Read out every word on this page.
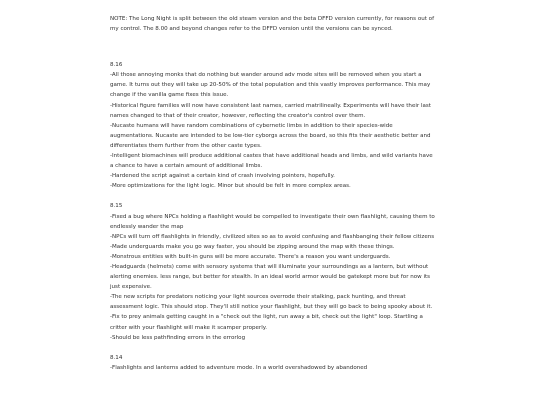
NOTE: The Long Night is split between the old steam version and the beta DFFD version currently, for reasons out of my control. The 8.00 and beyond changes refer to the DFFD version until the versions can be synced.

8.16

-All those annoying monks that do nothing but wander around adv mode sites will be removed when you start a game. It turns out they will take up 20-50% of the total population and this vastly improves performance. This may change if the vanilla game fixes this issue.

-Historical figure families will now have consistent last names, carried matrilineally. Experiments will have their last names changed to that of their creator, however, reflecting the creator's control over them.

-Nucaste humans will have random combinations of cybernetic limbs in addition to their species-wide augmentations. Nucaste are intended to be low-tier cyborgs across the board, so this fits their aesthetic better and differentiates them further from the other caste types.

-Intelligent biomachines will produce additional castes that have additional heads and limbs, and wild variants have a chance to have a certain amount of additional limbs.

-Hardened the script against a certain kind of crash involving pointers, hopefully.

-More optimizations for the light logic. Minor but should be felt in more complex areas.

8.15

-Fixed a bug where NPCs holding a flashlight would be compelled to investigate their own flashlight, causing them to endlessly wander the map

-NPCs will turn off flashlights in friendly, civilized sites so as to avoid confusing and flashbanging their fellow citizens

-Made underguards make you go way faster, you should be zipping around the map with these things.

-Monstrous entities with built-in guns will be more accurate. There's a reason you want underguards.

-Headguards (helmets) come with sensory systems that will illuminate your surroundings as a lantern, but without alerting enemies. less range, but better for stealth. In an ideal world armor would be gatekept more but for now its just expensive.

-The new scripts for predators noticing your light sources overrode their stalking, pack hunting, and threat assessment logic. This should stop. They'll still notice your flashlight, but they will go back to being spooky about it.

-Fix to prey animals getting caught in a "check out the light, run away a bit, check out the light" loop. Startling a critter with your flashlight will make it scamper properly.

-Should be less pathfinding errors in the errorlog

8.14

-Flashlights and lanterns added to adventure mode. In a world overshadowed by abandoned
